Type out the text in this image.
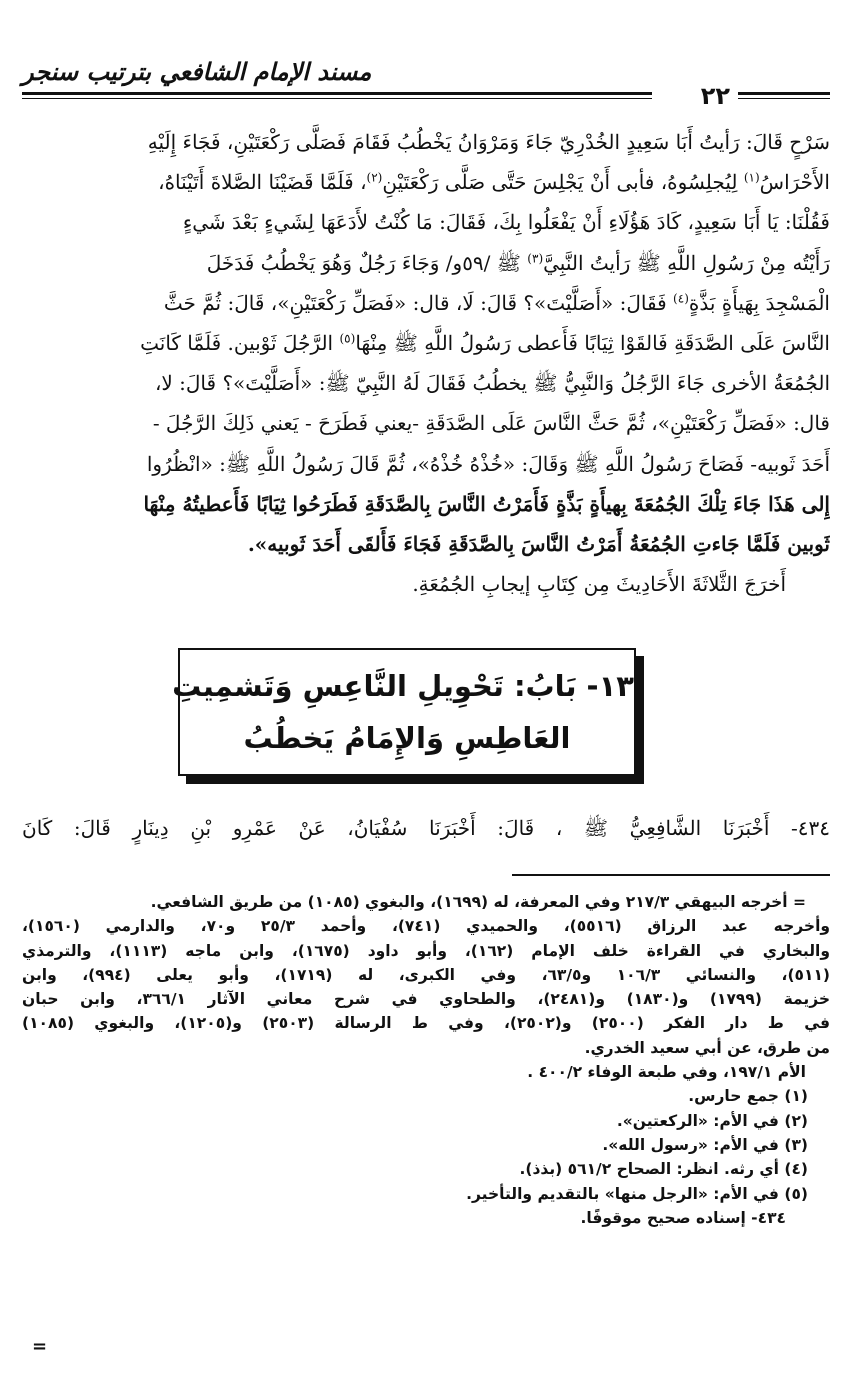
مسند الإمام الشافعي بترتيب سنجر
٢٢
سَرْحٍ قَالَ: رَأيتُ أَبَا سَعِيدٍ الخُدْرِيّ جَاءَ وَمَرْوَانُ يَخْطُبُ فَقَامَ فَصَلَّى رَكْعَتَيْنِ، فَجَاءَ إِلَيْهِ
الأَحْرَاسُ$^{(١)}$ لِيُجلِسُوهُ، فأبى أَنْ يَجْلِسَ حَتَّى صَلَّى رَكْعَتَيْنِ$^{(٢)}$، فَلَمَّا قَضَيْنَا الصَّلاةَ أَتَيْنَاهُ،
فَقُلْنَا: يَا أَبَا سَعِيدٍ، كَادَ هَؤُلَاءِ أَنْ يَفْعَلُوا بِكَ، فَقَالَ: مَا كُنْتُ لأَدَعَهَا لِشَيءٍ بَعْدَ شَيءٍ
رَأَيْتُه مِنْ رَسُولِ اللَّهِ ﷺ رَأيتُ النَّبِيَّ$^{(٣)}$ ﷺ /٥٩و/ وَجَاءَ رَجُلٌ وَهُوَ يَخْطُبُ فَدَخَلَ
الْمَسْجِدَ بِهَيأَةٍ بَذَّةٍ$^{(٤)}$ فَقَالَ: «أَصَلَّيْتَ»؟ قَالَ: لَا، قال: «فَصَلِّ رَكْعَتَيْنِ»، قَالَ: ثُمَّ حَثَّ
النَّاسَ عَلَى الصَّدَقَةِ فَالقَوْا ثِيَابًا فَأَعطى رَسُولُ اللَّهِ ﷺ مِنْهَا$^{(٥)}$ الرَّجُلَ ثَوْبين. فَلَمَّا كَانَتِ
الجُمُعَةُ الأخرى جَاءَ الرَّجُلُ وَالنَّبِيُّ ﷺ يخطُبُ فَقَالَ لَهُ النَّبِيّ ﷺ: «أَصَلَّيْتَ»؟ قَالَ: لا،
قال: «فَصَلِّ رَكْعَتَيْنِ»، ثُمَّ حَثَّ النَّاسَ عَلَى الصَّدَقَةِ -يعني فَطَرَحَ - يَعني ذَلِكَ الرَّجُلَ -
أَحَدَ ثَوبيه- فَصَاحَ رَسُولُ اللَّهِ ﷺ وَقَالَ: «خُذْهُ خُذْهُ»، ثُمَّ قَالَ رَسُولُ اللَّهِ ﷺ: «انْظُرُوا
إِلى هَذَا جَاءَ تِلْكَ الجُمُعَةَ بِهيأَةٍ بَذَّةٍ فَأَمَرْتُ النَّاسَ بِالصَّدَقَةِ فَطَرَحُوا ثِيَابًا فَأَعطيتُهُ مِنْهَا
ثَوبين فَلَمَّا جَاءتِ الجُمُعَةُ أَمَرْتُ النَّاسَ بِالصَّدَقَةِ فَجَاءَ فَأَلقَى أَحَدَ ثَوبيه».
أَخرَجَ الثَّلاثَةَ الأَحَادِيثَ مِن كِتَابِ إيجابِ الجُمُعَةِ.
١٣- بَابُ: تَحْوِيلِ النَّاعِسِ وَتَشمِيتِ
العَاطِسِ وَالإِمَامُ يَخطُبُ
٤٣٤- أَخْبَرَنَا الشَّافِعِيُّ ﷺ ، قَالَ: أَخْبَرَنَا سُفْيَانُ، عَنْ عَمْرِو بْنِ دِينَارٍ قَالَ: كَانَ
= أخرجه البيهقي ٢١٧/٣ وفي المعرفة، له (١٦٩٩)، والبغوي (١٠٨٥) من طريق الشافعي.
وأخرجه عبد الرزاق (٥٥١٦)، والحميدي (٧٤١)، وأحمد ٢٥/٣ و٧٠، والدارمي (١٥٦٠)،
والبخاري في القراءة خلف الإمام (١٦٢)، وأبو داود (١٦٧٥)، وابن ماجه (١١١٣)، والترمذي
(٥١١)، والنسائي ١٠٦/٣ و٦٣/٥، وفي الكبرى، له (١٧١٩)، وأبو يعلى (٩٩٤)، وابن
خزيمة (١٧٩٩) و(١٨٣٠) و(٢٤٨١)، والطحاوي في شرح معاني الآثار ٣٦٦/١، وابن حبان
في ط دار الفكر (٢٥٠٠) و(٢٥٠٢)، وفي ط الرسالة (٢٥٠٣) و(١٢٠٥)، والبغوي (١٠٨٥)
من طرق، عن أبي سعيد الخدري.
الأم ١٩٧/١، وفي طبعة الوفاء ٤٠٠/٢ .
(١) جمع حارس.
(٢) في الأم: «الركعتين».
(٣) في الأم: «رسول الله».
(٤) أي رثه. انظر: الصحاح ٥٦١/٢ (بذذ).
(٥) في الأم: «الرجل منها» بالتقديم والتأخير.
٤٣٤- إسناده صحيح موقوفًا.
=
